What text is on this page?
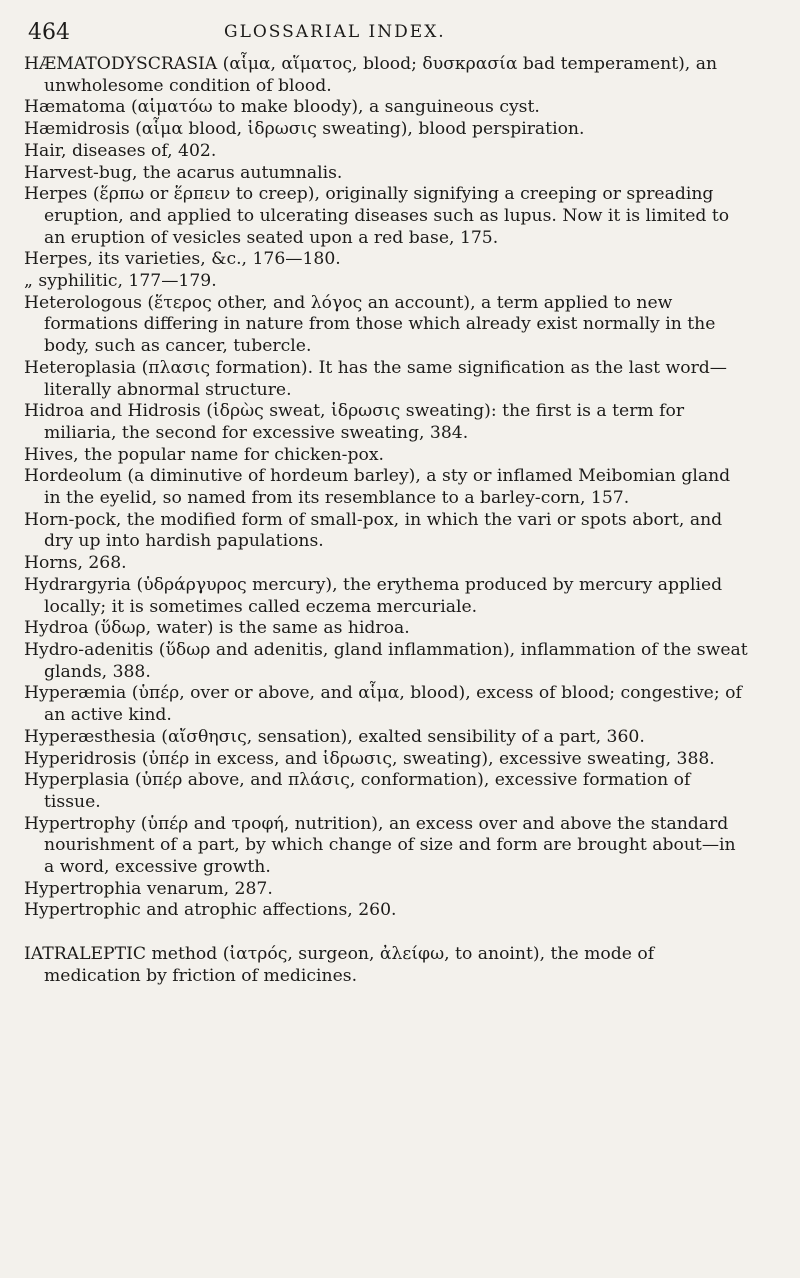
464	GLOSSARIAL INDEX.

HÆMATODYSCRASIA (αἷμα, αἵματος, blood; δυσκρασία bad temperament), an unwholesome condition of blood.

Hæmatoma (αἱματόω to make bloody), a sanguineous cyst.

Hæmidrosis (αἷμα blood, ἱδρωσις sweating), blood perspiration.

Hair, diseases of, 402.

Harvest-bug, the acarus autumnalis.

Herpes (ἕρπω or ἕρπειν to creep), originally signifying a creeping or spreading eruption, and applied to ulcerating diseases such as lupus. Now it is limited to an eruption of vesicles seated upon a red base, 175.

Herpes, its varieties, &c., 176—180.

„ syphilitic, 177—179.

Heterologous (ἕτερος other, and λόγος an account), a term applied to new formations differing in nature from those which already exist normally in the body, such as cancer, tubercle.

Heteroplasia (πλασις formation). It has the same signification as the last word—literally abnormal structure.

Hidroa and Hidrosis (ἱδρὼς sweat, ἱδρωσις sweating): the first is a term for miliaria, the second for excessive sweating, 384.

Hives, the popular name for chicken-pox.

Hordeolum (a diminutive of hordeum barley), a sty or inflamed Meibomian gland in the eyelid, so named from its resemblance to a barley-corn, 157.

Horn-pock, the modified form of small-pox, in which the vari or spots abort, and dry up into hardish papulations.

Horns, 268.

Hydrargyria (ὑδράργυρος mercury), the erythema produced by mercury applied locally; it is sometimes called eczema mercuriale.

Hydroa (ὕδωρ, water) is the same as hidroa.

Hydro-adenitis (ὕδωρ and adenitis, gland inflammation), inflammation of the sweat glands, 388.

Hyperæmia (ὑπέρ, over or above, and αἷμα, blood), excess of blood; congestive; of an active kind.

Hyperæsthesia (αἴσθησις, sensation), exalted sensibility of a part, 360.

Hyperidrosis (ὑπέρ in excess, and ἱδρωσις, sweating), excessive sweating, 388.

Hyperplasia (ὑπέρ above, and πλάσις, conformation), excessive formation of tissue.

Hypertrophy (ὑπέρ and τροφή, nutrition), an excess over and above the standard nourishment of a part, by which change of size and form are brought about—in a word, excessive growth.

Hypertrophia venarum, 287.

Hypertrophic and atrophic affections, 260.

IATRALEPTIC method (ἰατρός, surgeon, ἀλείφω, to anoint), the mode of medication by friction of medicines.
